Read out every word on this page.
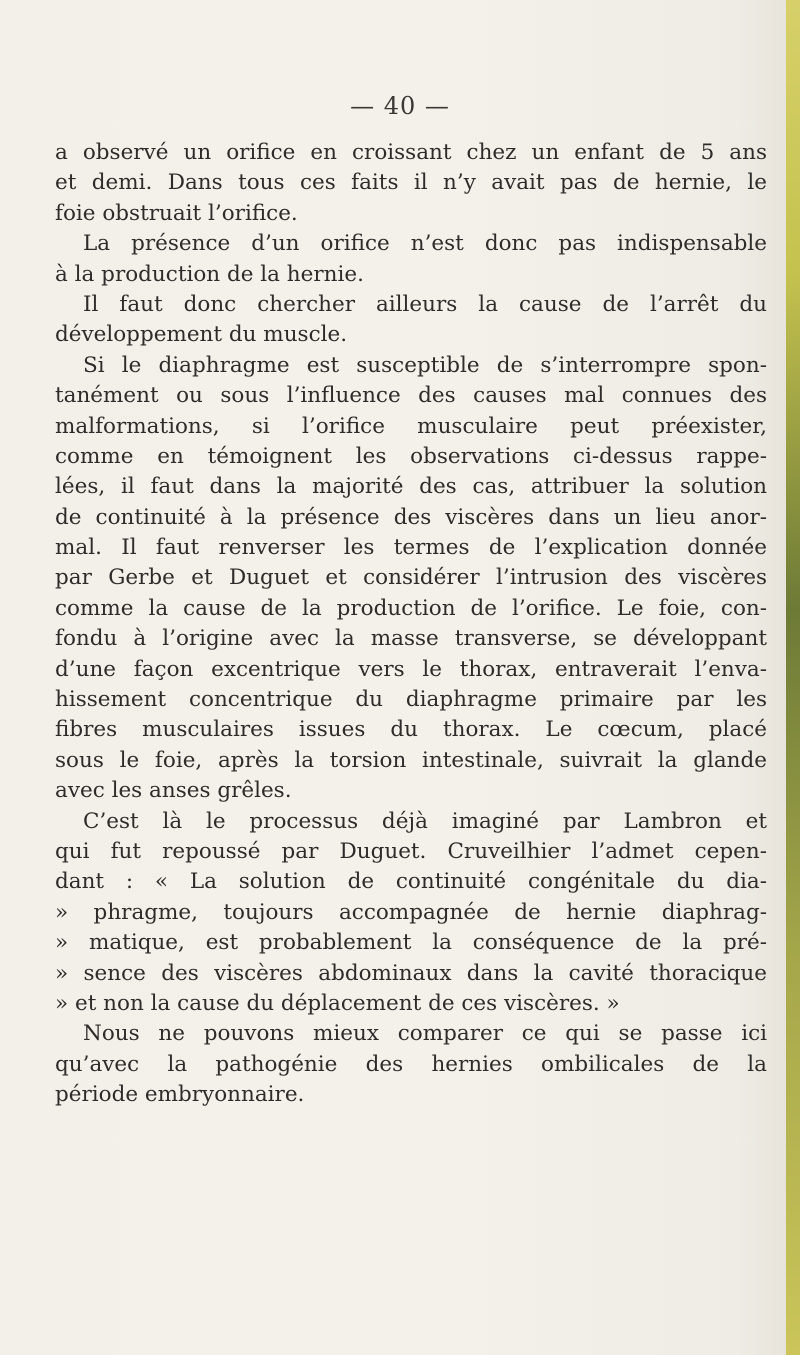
— 40 —
a observé un orifice en croissant chez un enfant de 5 ans
et demi. Dans tous ces faits il n’y avait pas de hernie, le
foie obstruait l’orifice.
La présence d’un orifice n’est donc pas indispensable
à la production de la hernie.
Il faut donc chercher ailleurs la cause de l’arrêt du
développement du muscle.
Si le diaphragme est susceptible de s’interrompre spon-
tanément ou sous l’influence des causes mal connues des
malformations, si l’orifice musculaire peut préexister,
comme en témoignent les observations ci-dessus rappe-
lées, il faut dans la majorité des cas, attribuer la solution
de continuité à la présence des viscères dans un lieu anor-
mal. Il faut renverser les termes de l’explication donnée
par Gerbe et Duguet et considérer l’intrusion des viscères
comme la cause de la production de l’orifice. Le foie, con-
fondu à l’origine avec la masse transverse, se développant
d’une façon excentrique vers le thorax, entraverait l’enva-
hissement concentrique du diaphragme primaire par les
fibres musculaires issues du thorax. Le cœcum, placé
sous le foie, après la torsion intestinale, suivrait la glande
avec les anses grêles.
C’est là le processus déjà imaginé par Lambron et
qui fut repoussé par Duguet. Cruveilhier l’admet cepen-
dant : « La solution de continuité congénitale du dia-
» phragme, toujours accompagnée de hernie diaphrag-
» matique, est probablement la conséquence de la pré-
» sence des viscères abdominaux dans la cavité thoracique
» et non la cause du déplacement de ces viscères. »
Nous ne pouvons mieux comparer ce qui se passe ici
qu’avec la pathogénie des hernies ombilicales de la
période embryonnaire.
